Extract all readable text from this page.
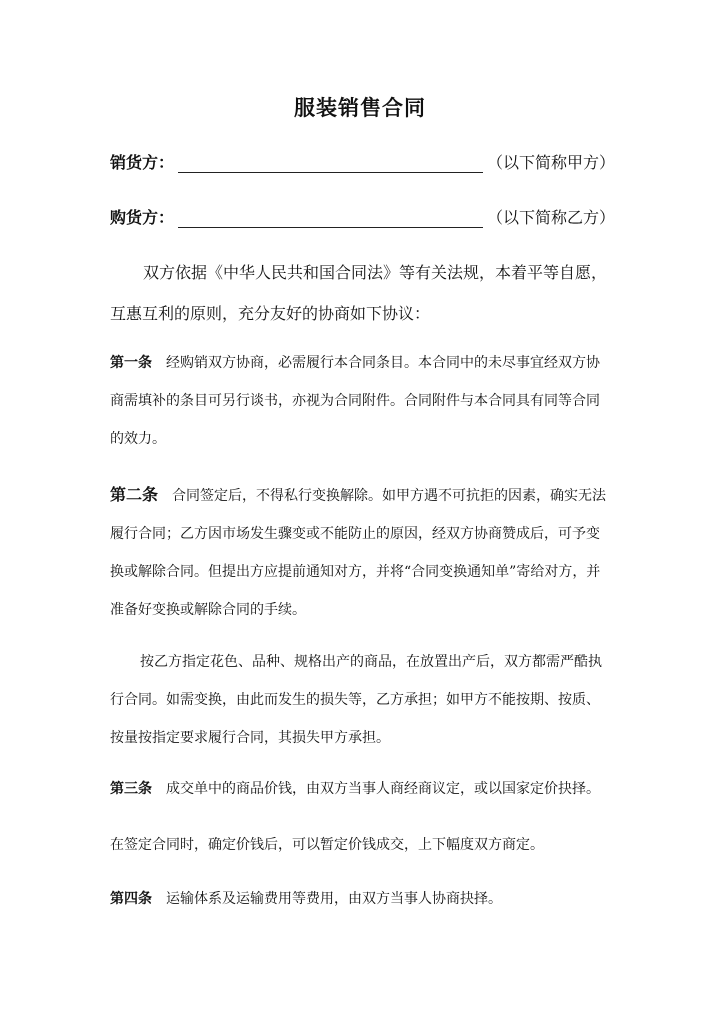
服装销售合同
销货方：	（以下简称甲方）
购货方：	（以下简称乙方）
双方依据《中华人民共和国合同法》等有关法规，本着平等自愿，互惠互利的原则，充分友好的协商如下协议：
第一条 经购销双方协商，必需履行本合同条目。本合同中的未尽事宜经双方协商需填补的条目可另行谈书，亦视为合同附件。合同附件与本合同具有同等合同的效力。
第二条 合同签定后，不得私行变换解除。如甲方遇不可抗拒的因素，确实无法履行合同；乙方因市场发生骤变或不能防止的原因，经双方协商赞成后，可予变换或解除合同。但提出方应提前通知对方，并将“合同变换通知单”寄给对方，并准备好变换或解除合同的手续。
按乙方指定花色、品种、规格出产的商品，在放置出产后，双方都需严酷执行合同。如需变换，由此而发生的损失等，乙方承担；如甲方不能按期、按质、按量按指定要求履行合同，其损失甲方承担。
第三条 成交单中的商品价钱，由双方当事人商经商议定，或以国家定价抉择。
在签定合同时，确定价钱后，可以暂定价钱成交，上下幅度双方商定。
第四条 运输体系及运输费用等费用，由双方当事人协商抉择。
